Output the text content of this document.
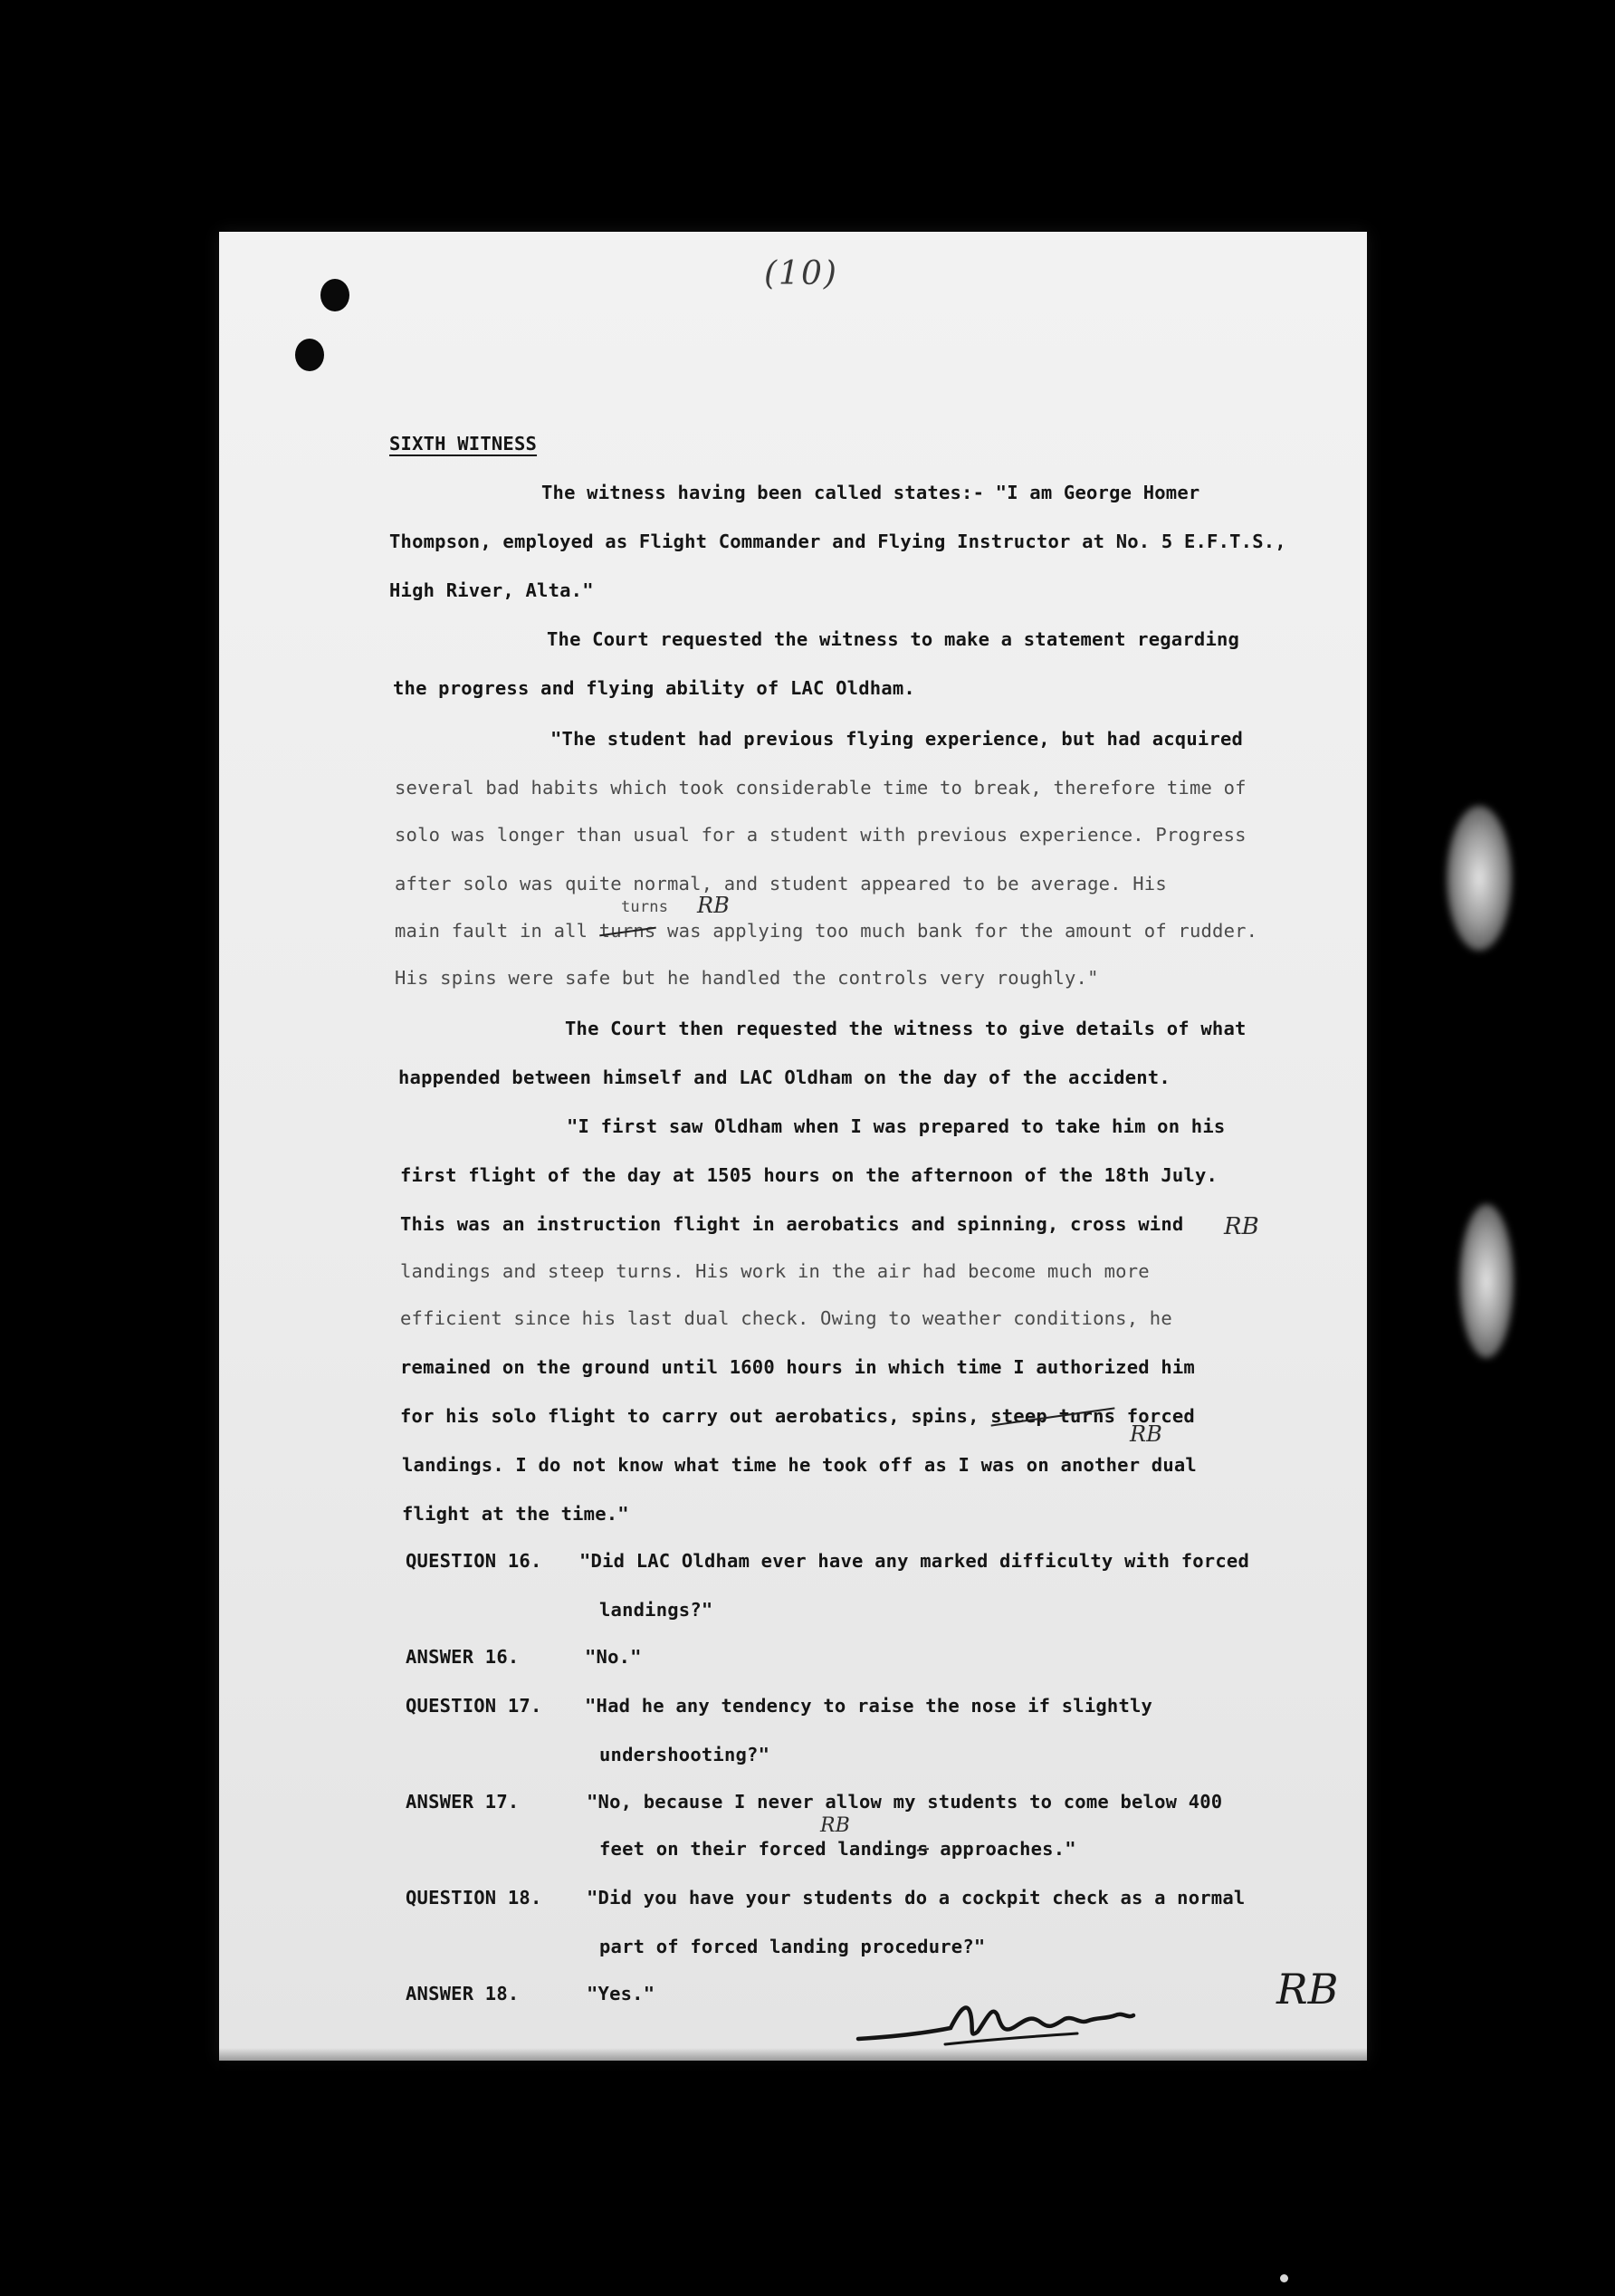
(10)
SIXTH WITNESS
The witness having been called states:- "I am George Homer
Thompson, employed as Flight Commander and Flying Instructor at No. 5 E.F.T.S.,
High River, Alta."
The Court requested the witness to make a statement regarding
the progress and flying ability of LAC Oldham.
"The student had previous flying experience, but had acquired
several bad habits which took considerable time to break, therefore time of
solo was longer than usual for a student with previous experience. Progress
after solo was quite normal, and student appeared to be average. His
turns RB
main fault in all turns was applying too much bank for the amount of rudder.
His spins were safe but he handled the controls very roughly."
The Court then requested the witness to give details of what
happended between himself and LAC Oldham on the day of the accident.
"I first saw Oldham when I was prepared to take him on his
first flight of the day at 1505 hours on the afternoon of the 18th July.
This was an instruction flight in aerobatics and spinning, cross wind RB
landings and steep turns. His work in the air had become much more
efficient since his last dual check. Owing to weather conditions, he
remained on the ground until 1600 hours in which time I authorized him
for his solo flight to carry out aerobatics, spins, steep turns forced
RB
landings. I do not know what time he took off as I was on another dual
flight at the time."
QUESTION 16. "Did LAC Oldham ever have any marked difficulty with forced
landings?"
ANSWER 16.	"No."
QUESTION 17. "Had he any tendency to raise the nose if slightly
undershooting?"
ANSWER 17.	"No, because I never allow my students to come below 400
RB
feet on their forced landings approaches."
QUESTION 18. "Did you have your students do a cockpit check as a normal
part of forced landing procedure?"
ANSWER 18.	"Yes."	RB
